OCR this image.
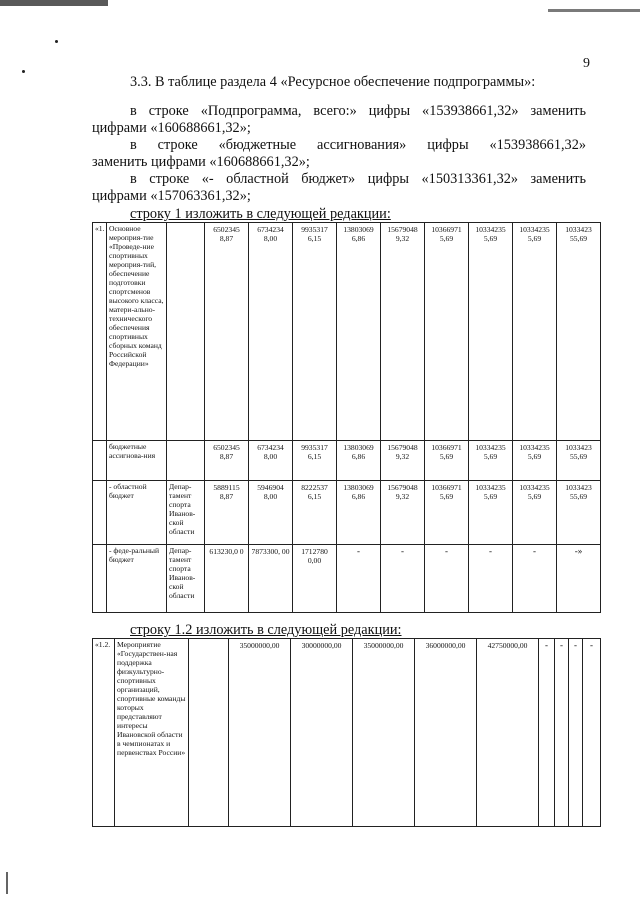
9
3.3. В таблице раздела 4 «Ресурсное обеспечение подпрограммы»:
в строке «Подпрограмма, всего:» цифры «153938661,32» заменить
цифрами «160688661,32»;
в строке «бюджетные ассигнования» цифры «153938661,32»
заменить цифрами «160688661,32»;
в строке «- областной бюджет» цифры «150313361,32» заменить
цифрами «157063361,32»;
строку 1 изложить в следующей редакции:
«1.	Основное мероприя-тие «Проведе-ние спортивных мероприя-тий, обеспечение подготовки спортсменов высокого класса, матери-ально-технического обеспечения спортивных сборных команд Российской Федерации»		6502345 8,87	6734234 8,00	9935317 6,15	13803069 6,86	15679048 9,32	10366971 5,69	10334235 5,69	10334235 5,69	1033423 55,69
	бюджетные ассигнова-ния		6502345 8,87	6734234 8,00	9935317 6,15	13803069 6,86	15679048 9,32	10366971 5,69	10334235 5,69	10334235 5,69	1033423 55,69
	- областной бюджет	Депар-тамент спорта Иванов-ской области	5889115 8,87	5946904 8,00	8222537 6,15	13803069 6,86	15679048 9,32	10366971 5,69	10334235 5,69	10334235 5,69	1033423 55,69
	- феде-ральный бюджет	Депар-тамент спорта Иванов-ской области	613230,0 0	7873300, 00	1712780 0,00	-	-	-	-	-	-»
строку 1.2 изложить в следующей редакции:
«1.2.	Мероприятие «Государствен-ная поддержка физкультурно-спортивных организаций, спортивные команды которых представляют интересы Ивановской области в чемпионатах и первенствах России»		35000000,00	30000000,00	35000000,00	36000000,00	42750000,00	-	-	-	-
